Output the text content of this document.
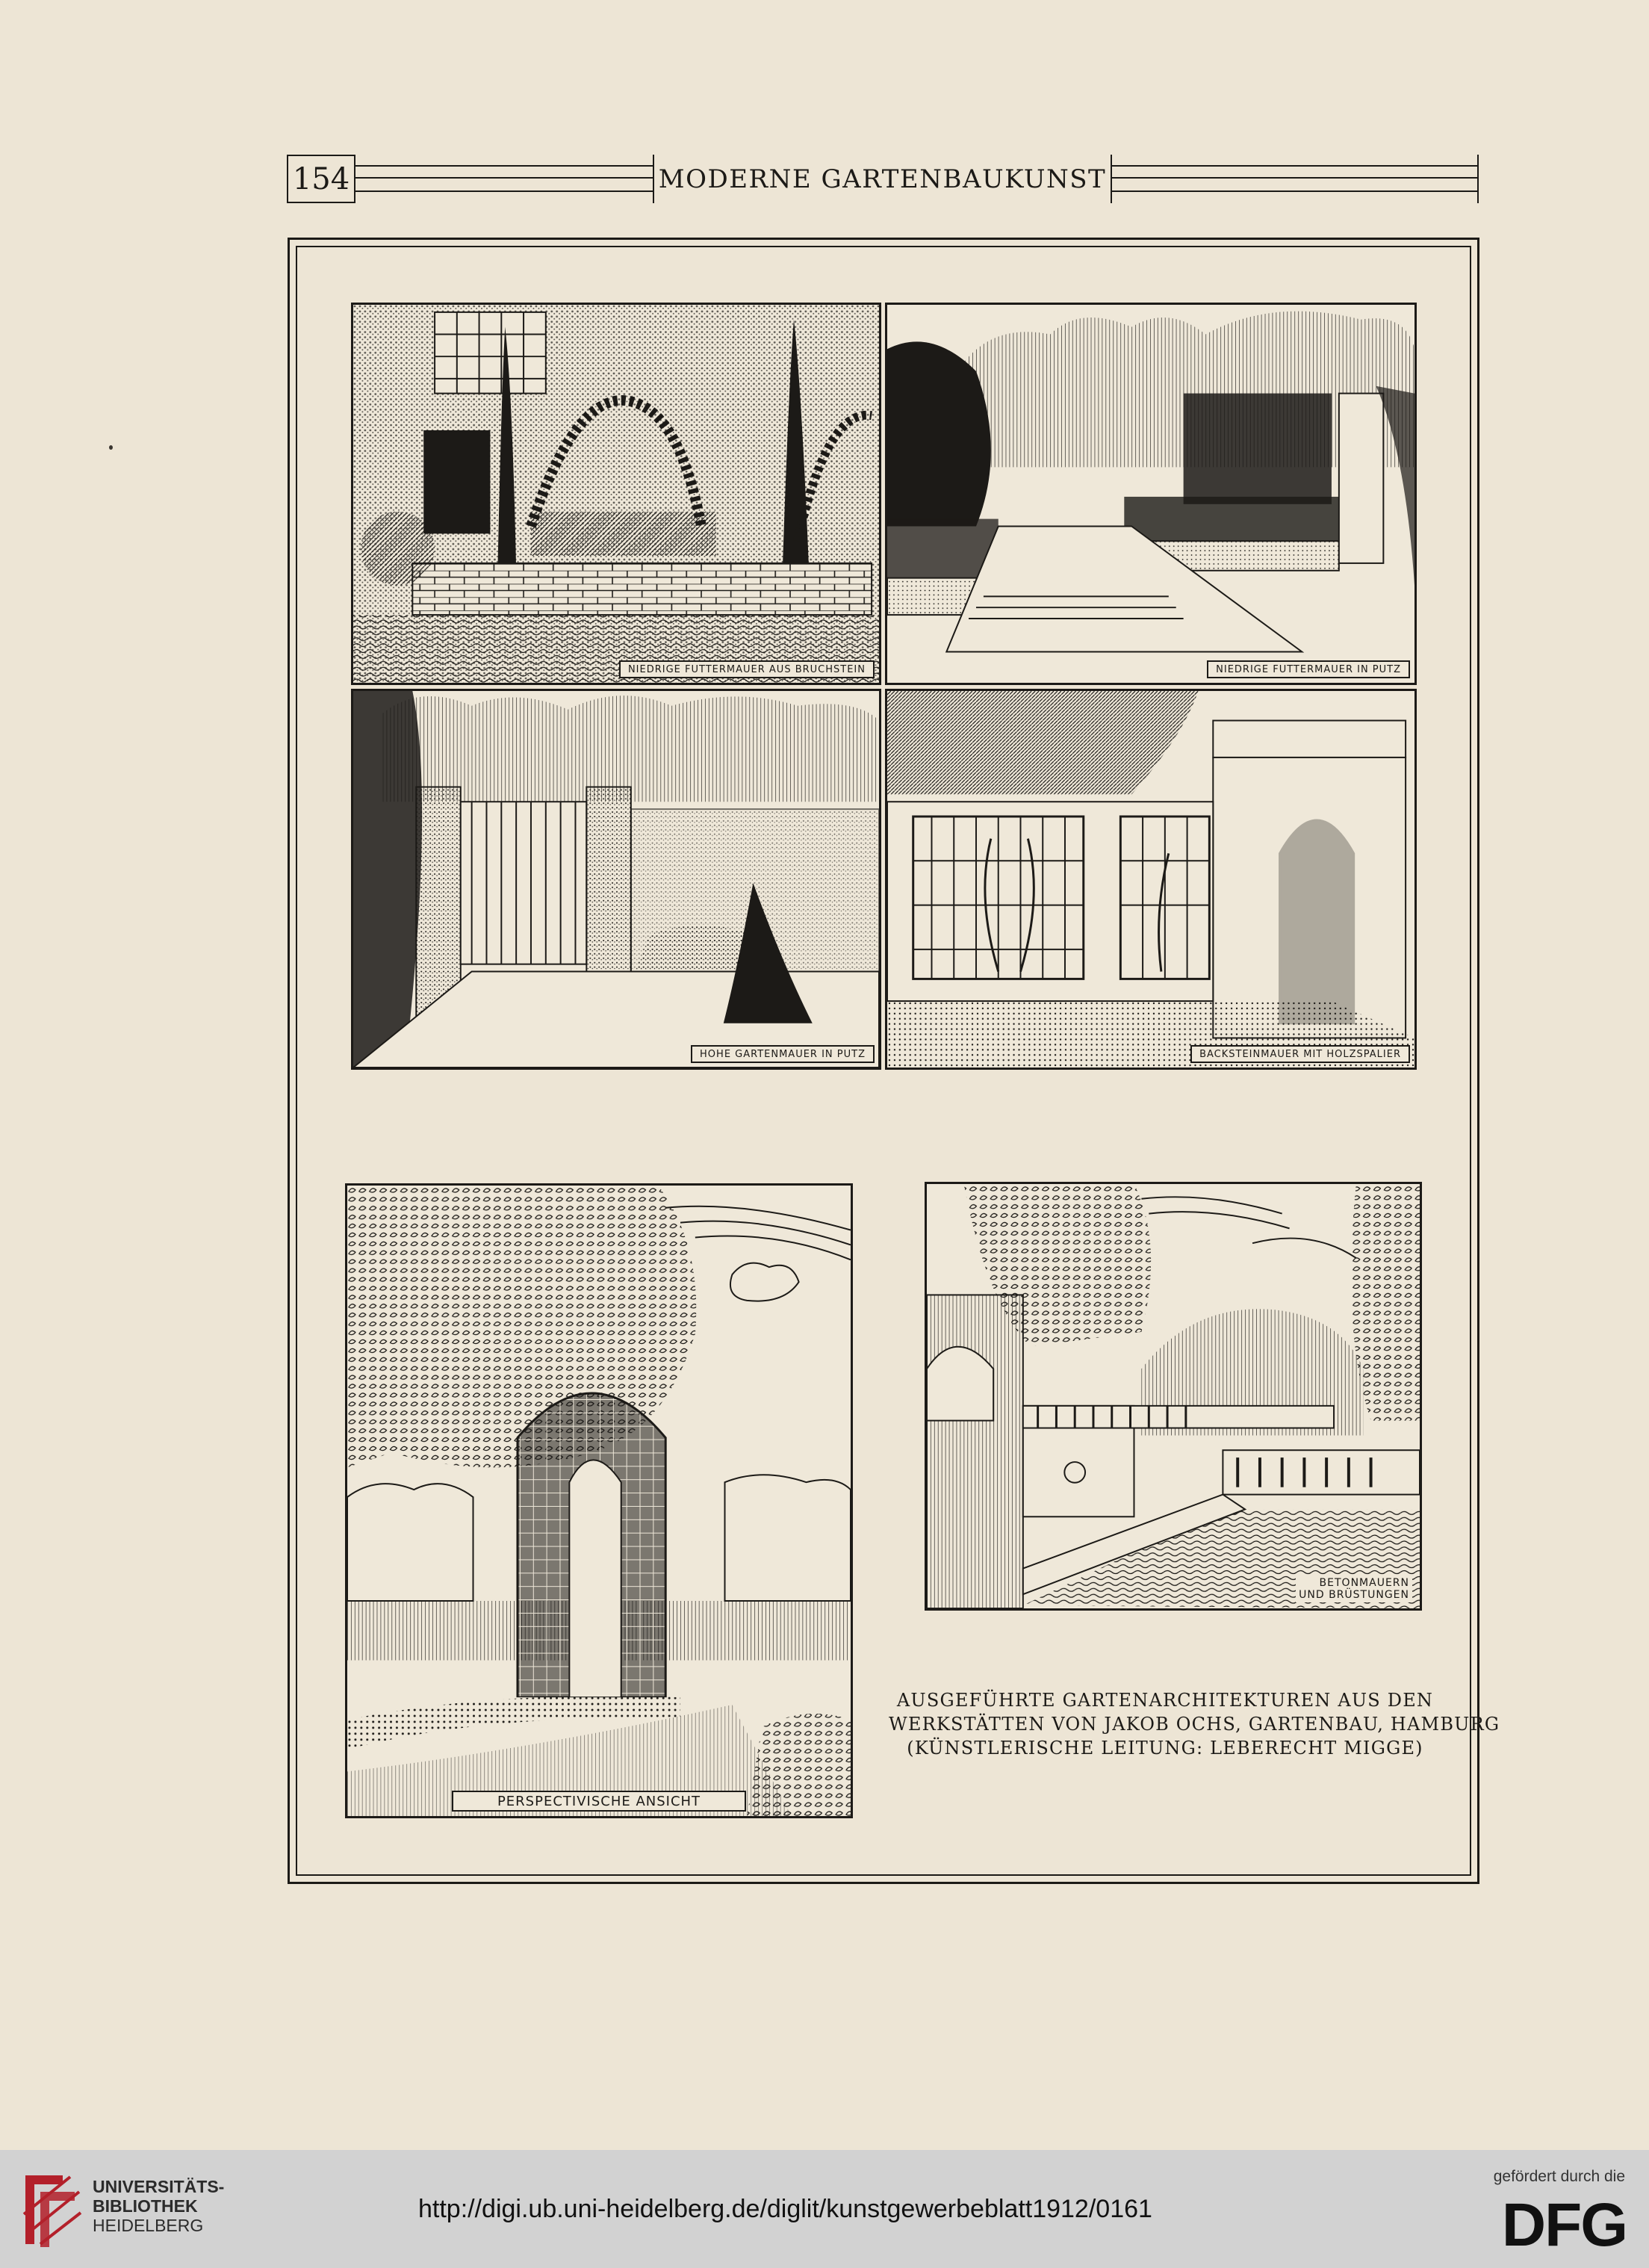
154	MODERNE GARTENBAUKUNST
NIEDRIGE FUTTERMAUER AUS BRUCHSTEIN	NIEDRIGE FUTTERMAUER IN PUTZ
HOHE GARTENMAUER IN PUTZ	BACKSTEINMAUER MIT HOLZSPALIER
PERSPECTIVISCHE ANSICHT
BETONMAUERN
UND BRÜSTUNGEN
AUSGEFÜHRTE GARTENARCHITEKTUREN AUS DEN
WERKSTÄTTEN VON JAKOB OCHS, GARTENBAU, HAMBURG
(KÜNSTLERISCHE LEITUNG: LEBERECHT MIGGE)
UNIVERSITÄTS-
BIBLIOTHEK
HEIDELBERG
http://digi.ub.uni-heidelberg.de/diglit/kunstgewerbeblatt1912/0161
gefördert durch die
DFG
